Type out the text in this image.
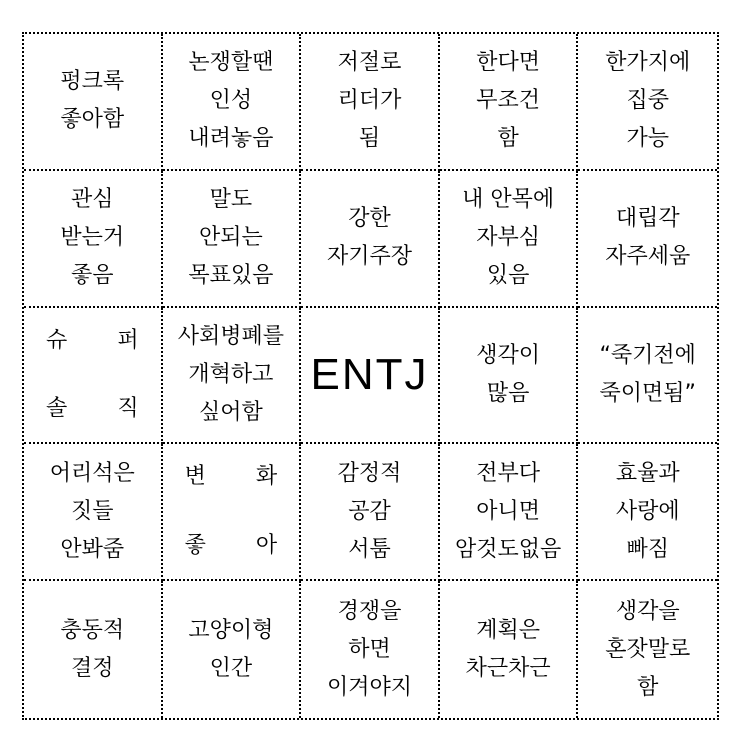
펑크록
좋아함
논쟁할땐
인성
내려놓음
저절로
리더가
됨
한다면
무조건
함
한가지에
집중
가능
관심
받는거
좋음
말도
안되는
목표있음
강한
자기주장
내 안목에
자부심
있음
대립각
자주세움
슈 퍼
솔 직
사회병폐를
개혁하고
싶어함
ENTJ 생각이
많음
“죽기전에
죽이면됨”
어리석은
짓들
안봐줌
변 화
좋 아
감정적
공감
서툼
전부다
아니면
암것도없음
효율과
사랑에
빠짐
충동적
결정
고양이형
인간
경쟁을
하면
이겨야지
계획은
차근차근
생각을
혼잣말로
함
